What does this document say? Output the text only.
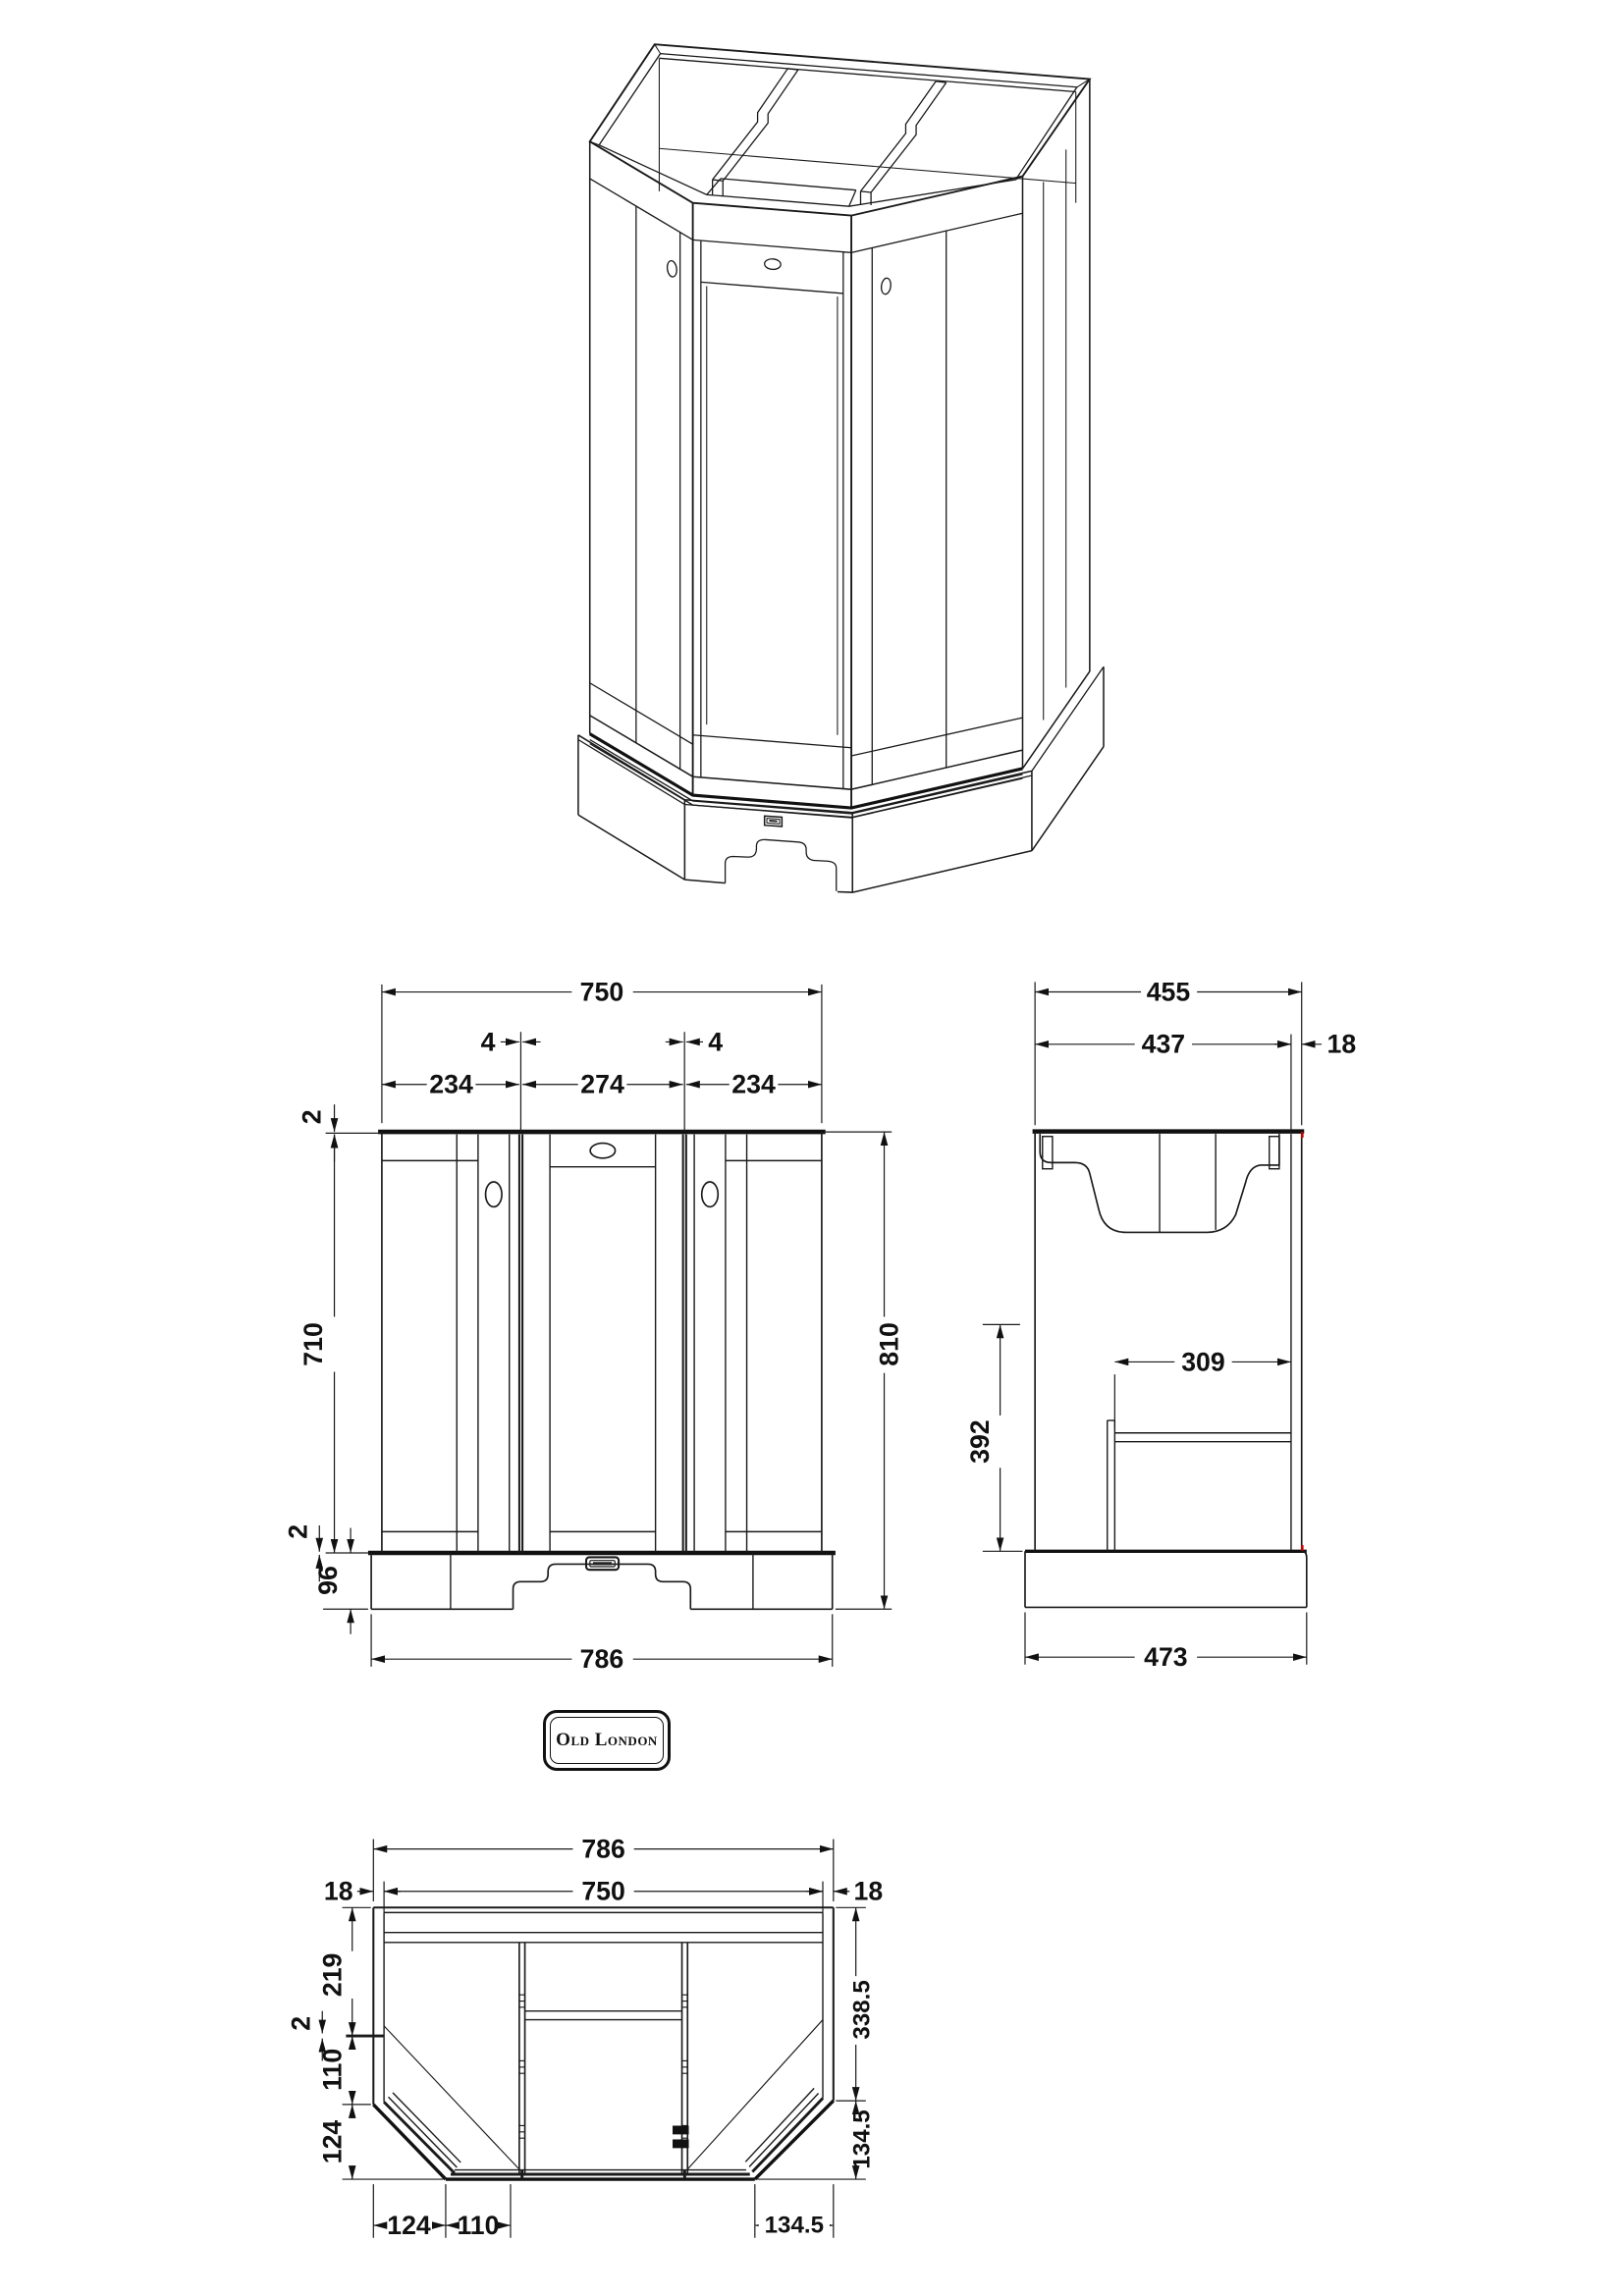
750
4	4
234	274	234
2
710
2
96
810
786
455
437	18
309
392
473
Old London
786
750
18	18
219
2
110
124
338.5
134.5
124 110	134.5
